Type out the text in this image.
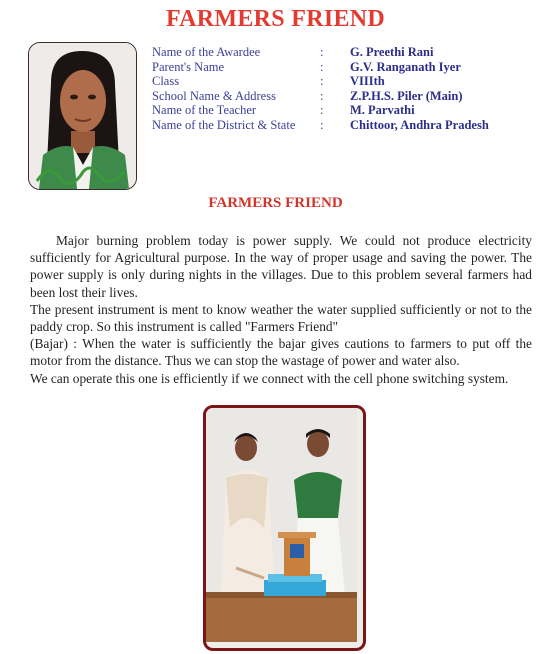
FARMERS FRIEND
Name of the Awardee	: G. Preethi Rani
Parent's Name	: G.V. Ranganath Iyer
Class	: VIIIth
School Name & Address	: Z.P.H.S. Piler (Main)
Name of the Teacher	: M. Parvathi
Name of the District & State : Chittoor, Andhra Pradesh
FARMERS FRIEND

Major burning problem today is power supply. We could not produce electricity sufficiently for Agricultural purpose. In the way of proper usage and saving the power. The power supply is only during nights in the villages. Due to this problem several farmers had been lost their lives.

The present instrument is ment to know weather the water supplied sufficiently or not to the paddy crop. So this instrument is called "Farmers Friend"

(Bajar) : When the water is sufficiently the bajar gives cautions to farmers to put off the motor from the distance. Thus we can stop the wastage of power and water also.

We can operate this one is efficiently if we connect with the cell phone switching system.
